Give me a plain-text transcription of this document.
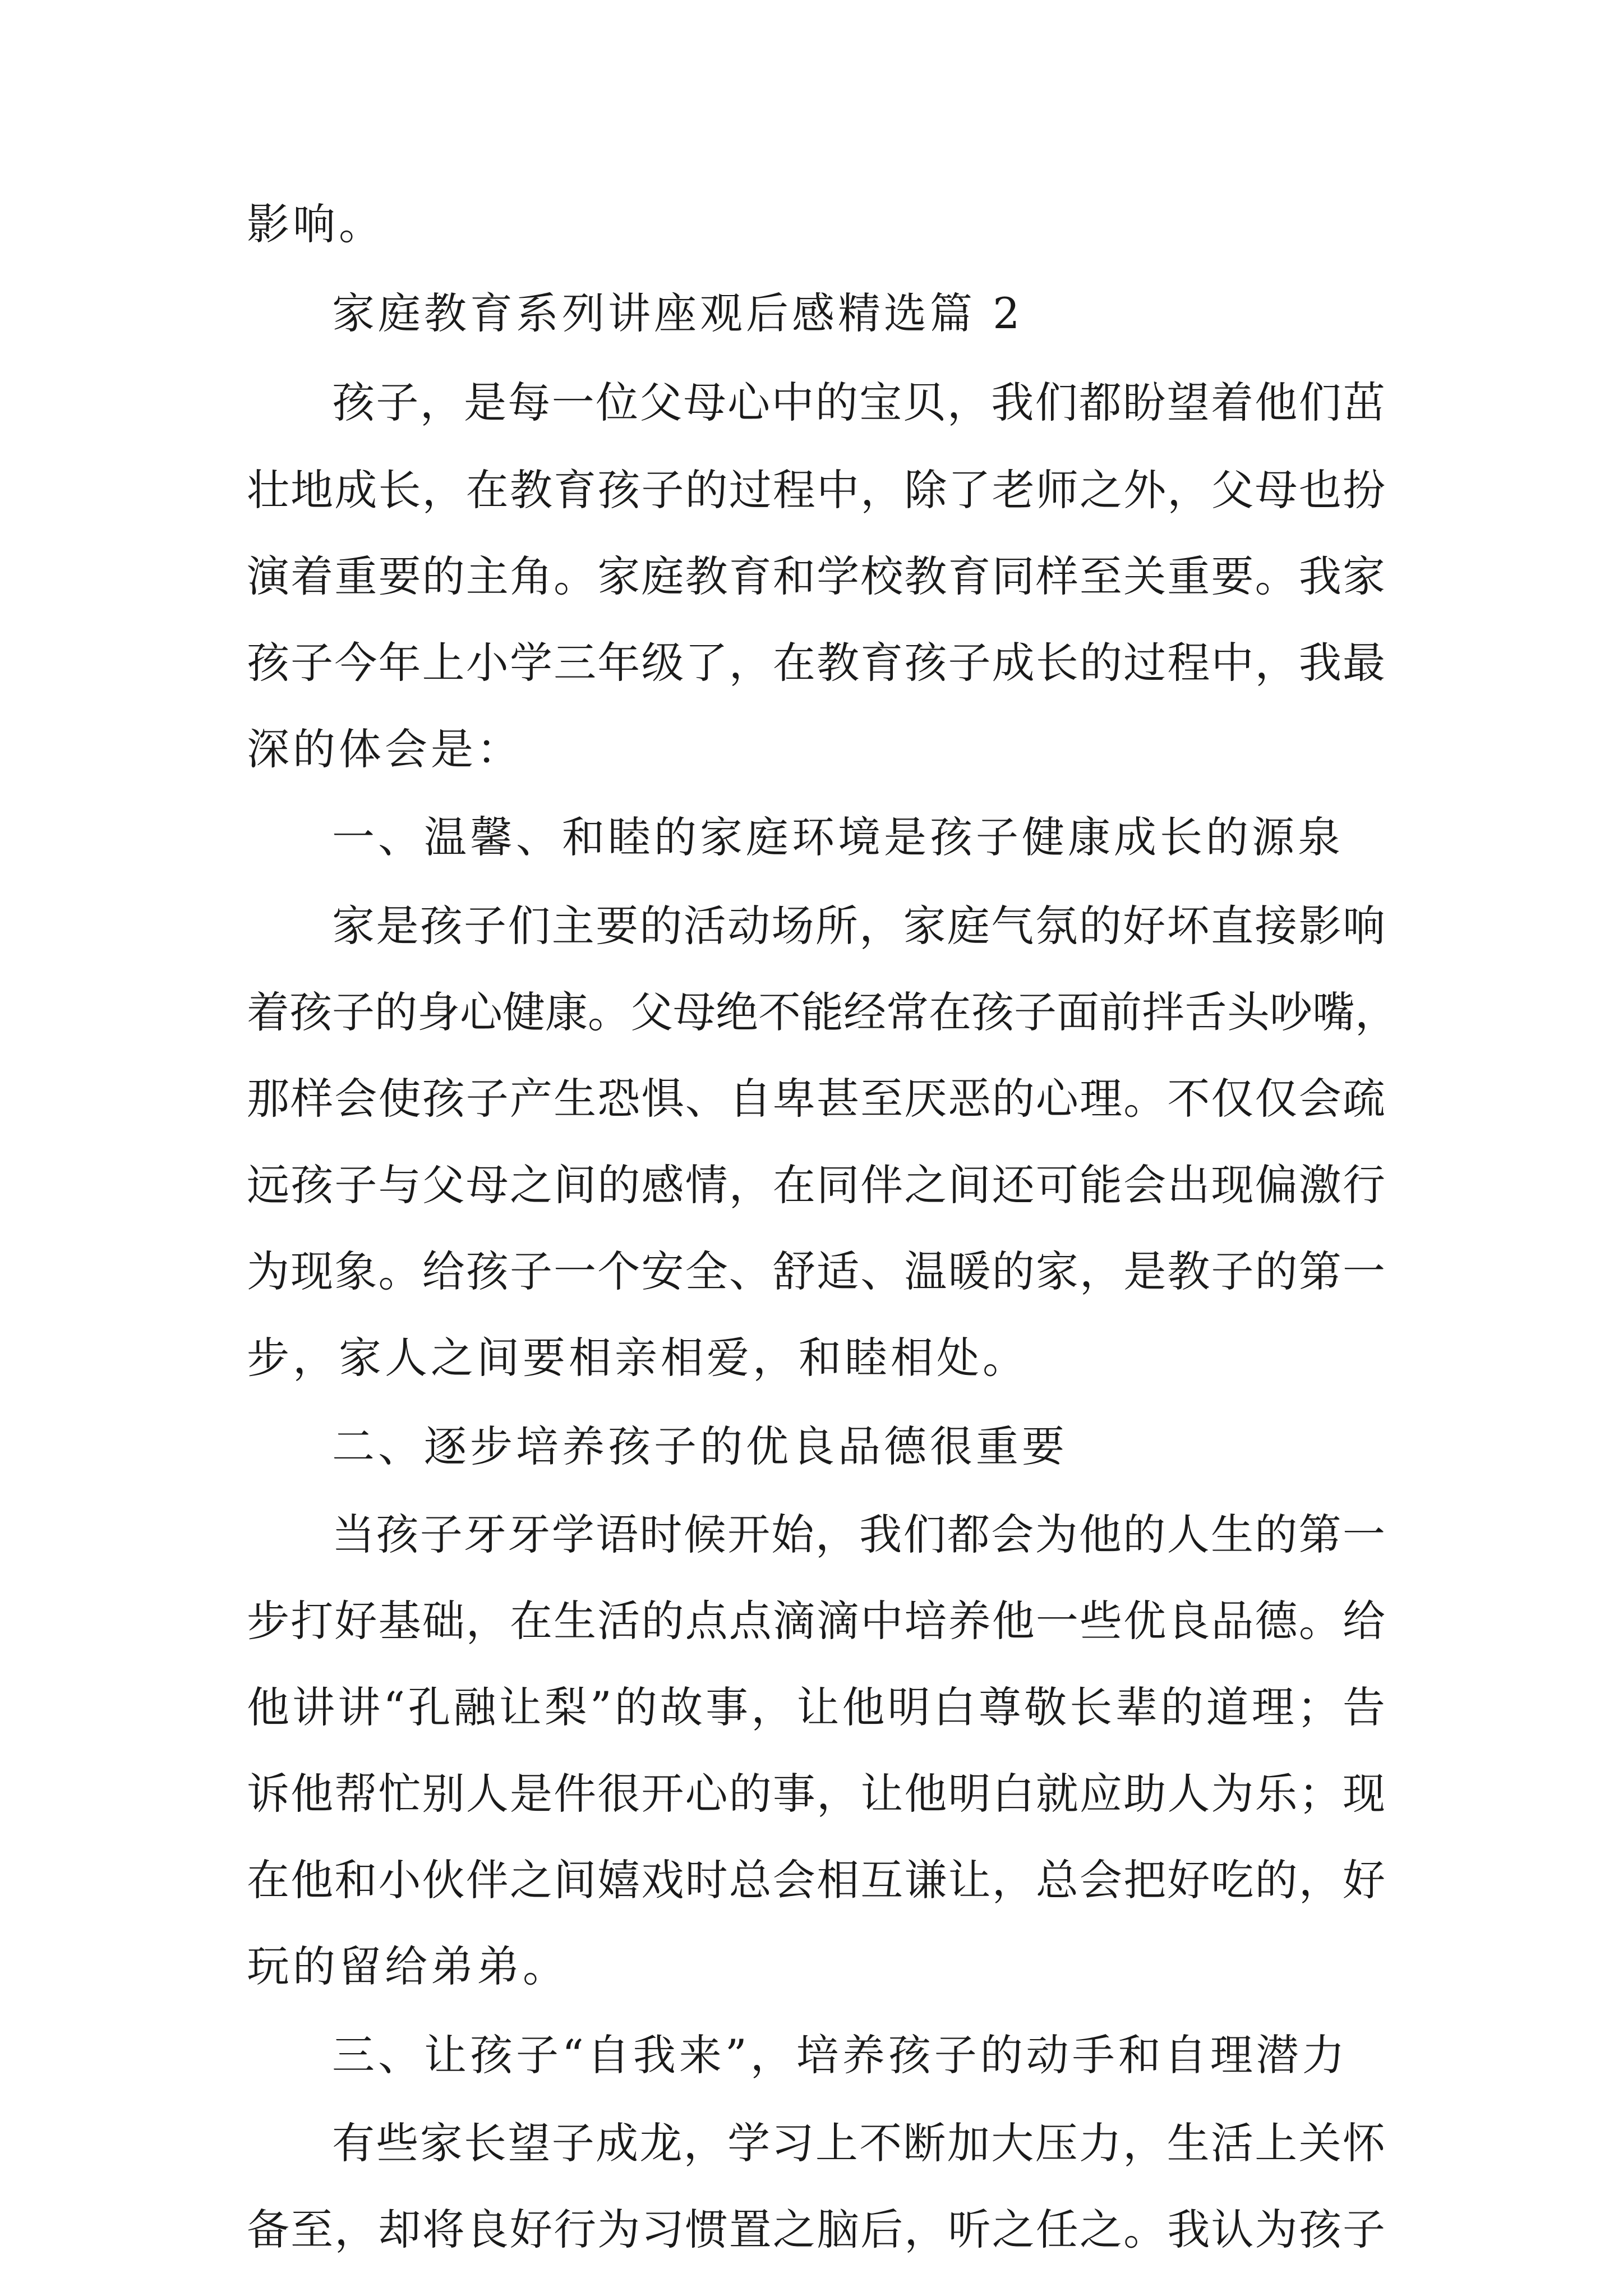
影响。
家庭教育系列讲座观后感精选篇 2
孩子，是每一位父母心中的宝贝，我们都盼望着他们茁
壮地成长，在教育孩子的过程中，除了老师之外，父母也扮
演着重要的主角。家庭教育和学校教育同样至关重要。我家
孩子今年上小学三年级了，在教育孩子成长的过程中，我最
深的体会是：
一、温馨、和睦的家庭环境是孩子健康成长的源泉
家是孩子们主要的活动场所，家庭气氛的好坏直接影响
着孩子的身心健康。父母绝不能经常在孩子面前拌舌头吵嘴，
那样会使孩子产生恐惧、自卑甚至厌恶的心理。不仅仅会疏
远孩子与父母之间的感情，在同伴之间还可能会出现偏激行
为现象。给孩子一个安全、舒适、温暖的家，是教子的第一
步，家人之间要相亲相爱，和睦相处。
二、逐步培养孩子的优良品德很重要
当孩子牙牙学语时候开始，我们都会为他的人生的第一
步打好基础，在生活的点点滴滴中培养他一些优良品德。给
他讲讲“孔融让梨”的故事，让他明白尊敬长辈的道理；告
诉他帮忙别人是件很开心的事，让他明白就应助人为乐；现
在他和小伙伴之间嬉戏时总会相互谦让，总会把好吃的，好
玩的留给弟弟。
三、让孩子“自我来”，培养孩子的动手和自理潜力
有些家长望子成龙，学习上不断加大压力，生活上关怀
备至，却将良好行为习惯置之脑后，听之任之。我认为孩子
